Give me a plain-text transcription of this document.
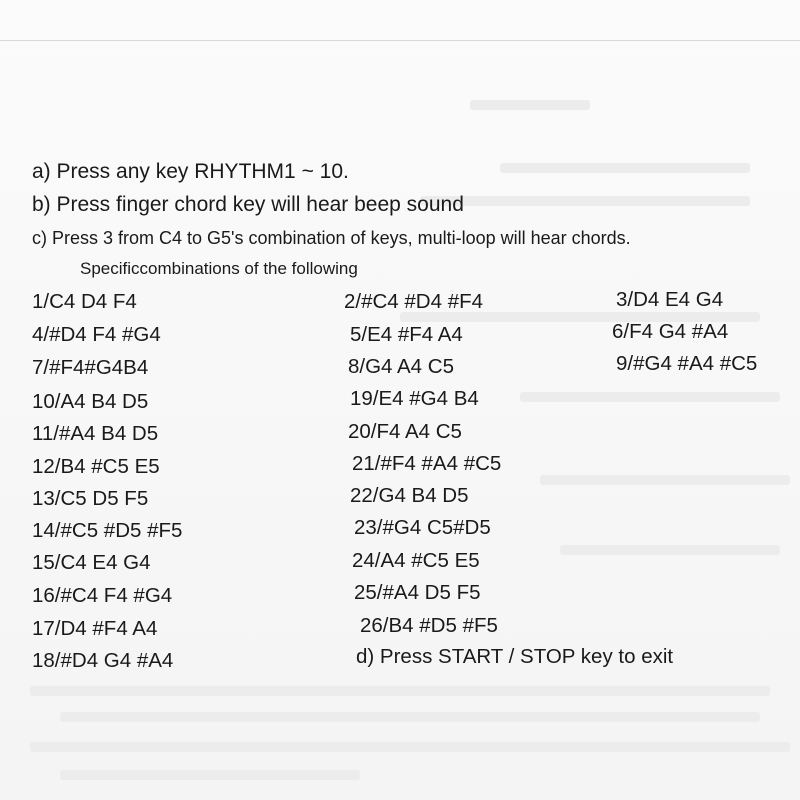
a) Press any key RHYTHM1 ~ 10.
b) Press finger chord key will hear beep sound
c) Press 3 from C4 to G5's combination of keys, multi-loop will hear chords.
Specificcombinations of the following
1/C4 D4 F4	2/#C4 #D4 #F4	3/D4 E4 G4
4/#D4 F4 #G4	5/E4 #F4 A4	6/F4 G4 #A4
7/#F4#G4B4	8/G4 A4 C5	9/#G4 #A4 #C5
10/A4 B4 D5	19/E4 #G4 B4
11/#A4 B4 D5	20/F4 A4 C5
12/B4 #C5 E5	21/#F4 #A4 #C5
13/C5 D5 F5	22/G4 B4 D5
14/#C5 #D5 #F5	23/#G4 C5#D5
15/C4 E4 G4	24/A4 #C5 E5
16/#C4 F4 #G4	25/#A4 D5 F5
17/D4 #F4 A4	26/B4 #D5 #F5
18/#D4 G4 #A4	d) Press START / STOP key to exit
